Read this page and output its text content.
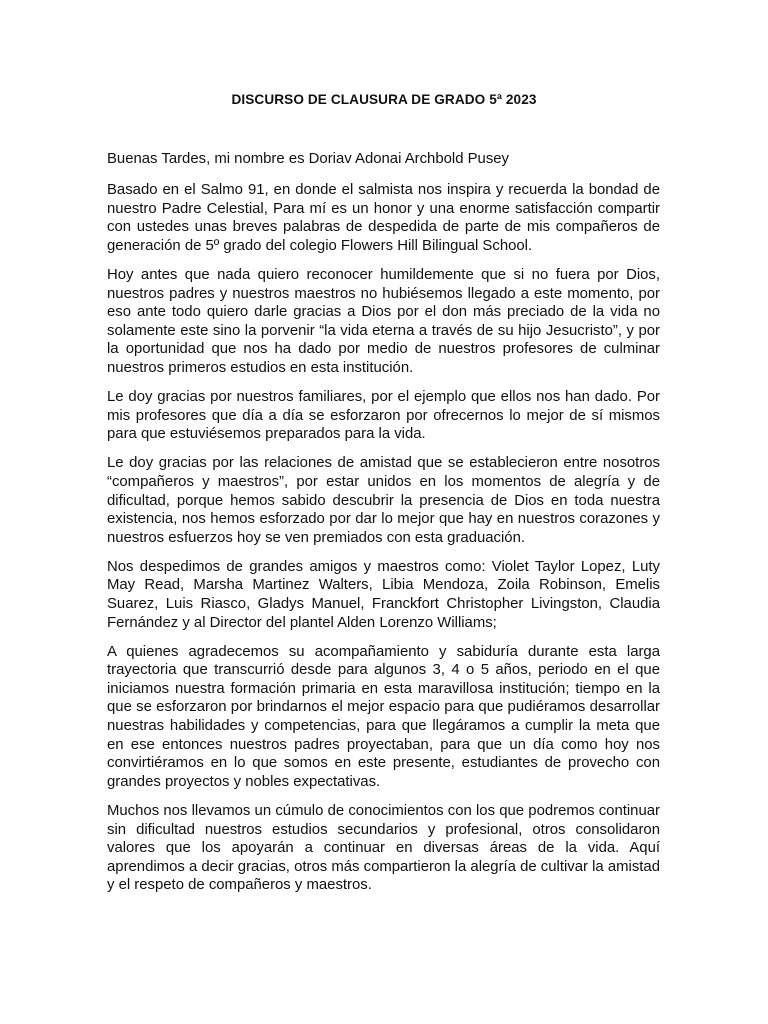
DISCURSO DE CLAUSURA DE GRADO 5ª 2023

Buenas Tardes, mi nombre es Doriav Adonai Archbold Pusey

Basado en el Salmo 91, en donde el salmista nos inspira y recuerda la bondad de nuestro Padre Celestial, Para mí es un honor y una enorme satisfacción compartir con ustedes unas breves palabras de despedida de parte de mis compañeros de generación de 5º grado del colegio Flowers Hill Bilingual School.

Hoy antes que nada quiero reconocer humildemente que si no fuera por Dios, nuestros padres y nuestros maestros no hubiésemos llegado a este momento, por eso ante todo quiero darle gracias a Dios por el don más preciado de la vida no solamente este sino la porvenir “la vida eterna a través de su hijo Jesucristo”, y por la oportunidad que nos ha dado por medio de nuestros profesores de culminar nuestros primeros estudios en esta institución.

Le doy gracias por nuestros familiares, por el ejemplo que ellos nos han dado. Por mis profesores que día a día se esforzaron por ofrecernos lo mejor de sí mismos para que estuviésemos preparados para la vida.

Le doy gracias por las relaciones de amistad que se establecieron entre nosotros “compañeros y maestros”, por estar unidos en los momentos de alegría y de dificultad, porque hemos sabido descubrir la presencia de Dios en toda nuestra existencia, nos hemos esforzado por dar lo mejor que hay en nuestros corazones y nuestros esfuerzos hoy se ven premiados con esta graduación.

Nos despedimos de grandes amigos y maestros como: Violet Taylor Lopez, Luty May Read, Marsha Martinez Walters, Libia Mendoza, Zoila Robinson, Emelis Suarez, Luis Riasco, Gladys Manuel, Franckfort Christopher Livingston, Claudia Fernández y al Director del plantel Alden Lorenzo Williams;

A quienes agradecemos su acompañamiento y sabiduría durante esta larga trayectoria que transcurrió desde para algunos 3, 4 o 5 años, periodo en el que iniciamos nuestra formación primaria en esta maravillosa institución; tiempo en la que se esforzaron por brindarnos el mejor espacio para que pudiéramos desarrollar nuestras habilidades y competencias, para que llegáramos a cumplir la meta que en ese entonces nuestros padres proyectaban, para que un día como hoy nos convirtiéramos en lo que somos en este presente, estudiantes de provecho con grandes proyectos y nobles expectativas.

Muchos nos llevamos un cúmulo de conocimientos con los que podremos continuar sin dificultad nuestros estudios secundarios y profesional, otros consolidaron valores que los apoyarán a continuar en diversas áreas de la vida. Aquí aprendimos a decir gracias, otros más compartieron la alegría de cultivar la amistad y el respeto de compañeros y maestros.
